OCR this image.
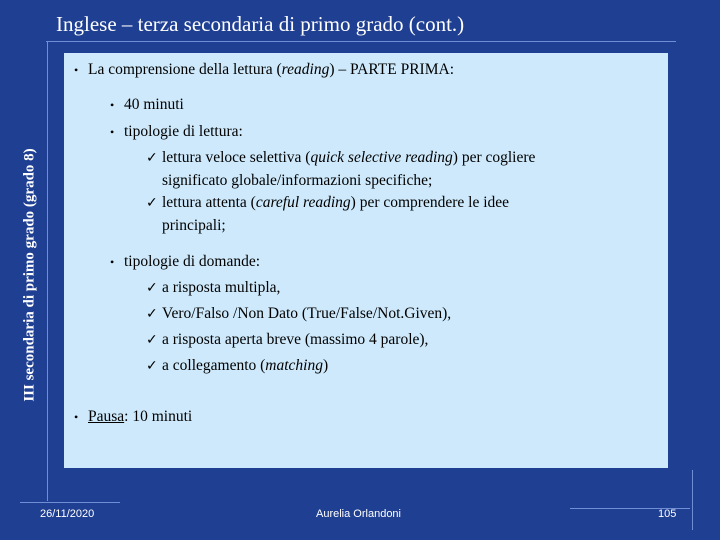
Inglese – terza secondaria di primo grado (cont.)
III secondaria di primo grado (grado 8)
• La comprensione della lettura (reading) – PARTE PRIMA:
• 40 minuti
• tipologie di lettura:
✓ lettura veloce selettiva (quick selective reading) per cogliere
significato globale/informazioni specifiche;
✓ lettura attenta (careful reading) per comprendere le idee
principali;
• tipologie di domande:
✓ a risposta multipla,
✓ Vero/Falso /Non Dato (True/False/Not.Given),
✓ a risposta aperta breve (massimo 4 parole),
✓ a collegamento (matching)
• Pausa: 10 minuti
26/11/2020	Aurelia Orlandoni	105
